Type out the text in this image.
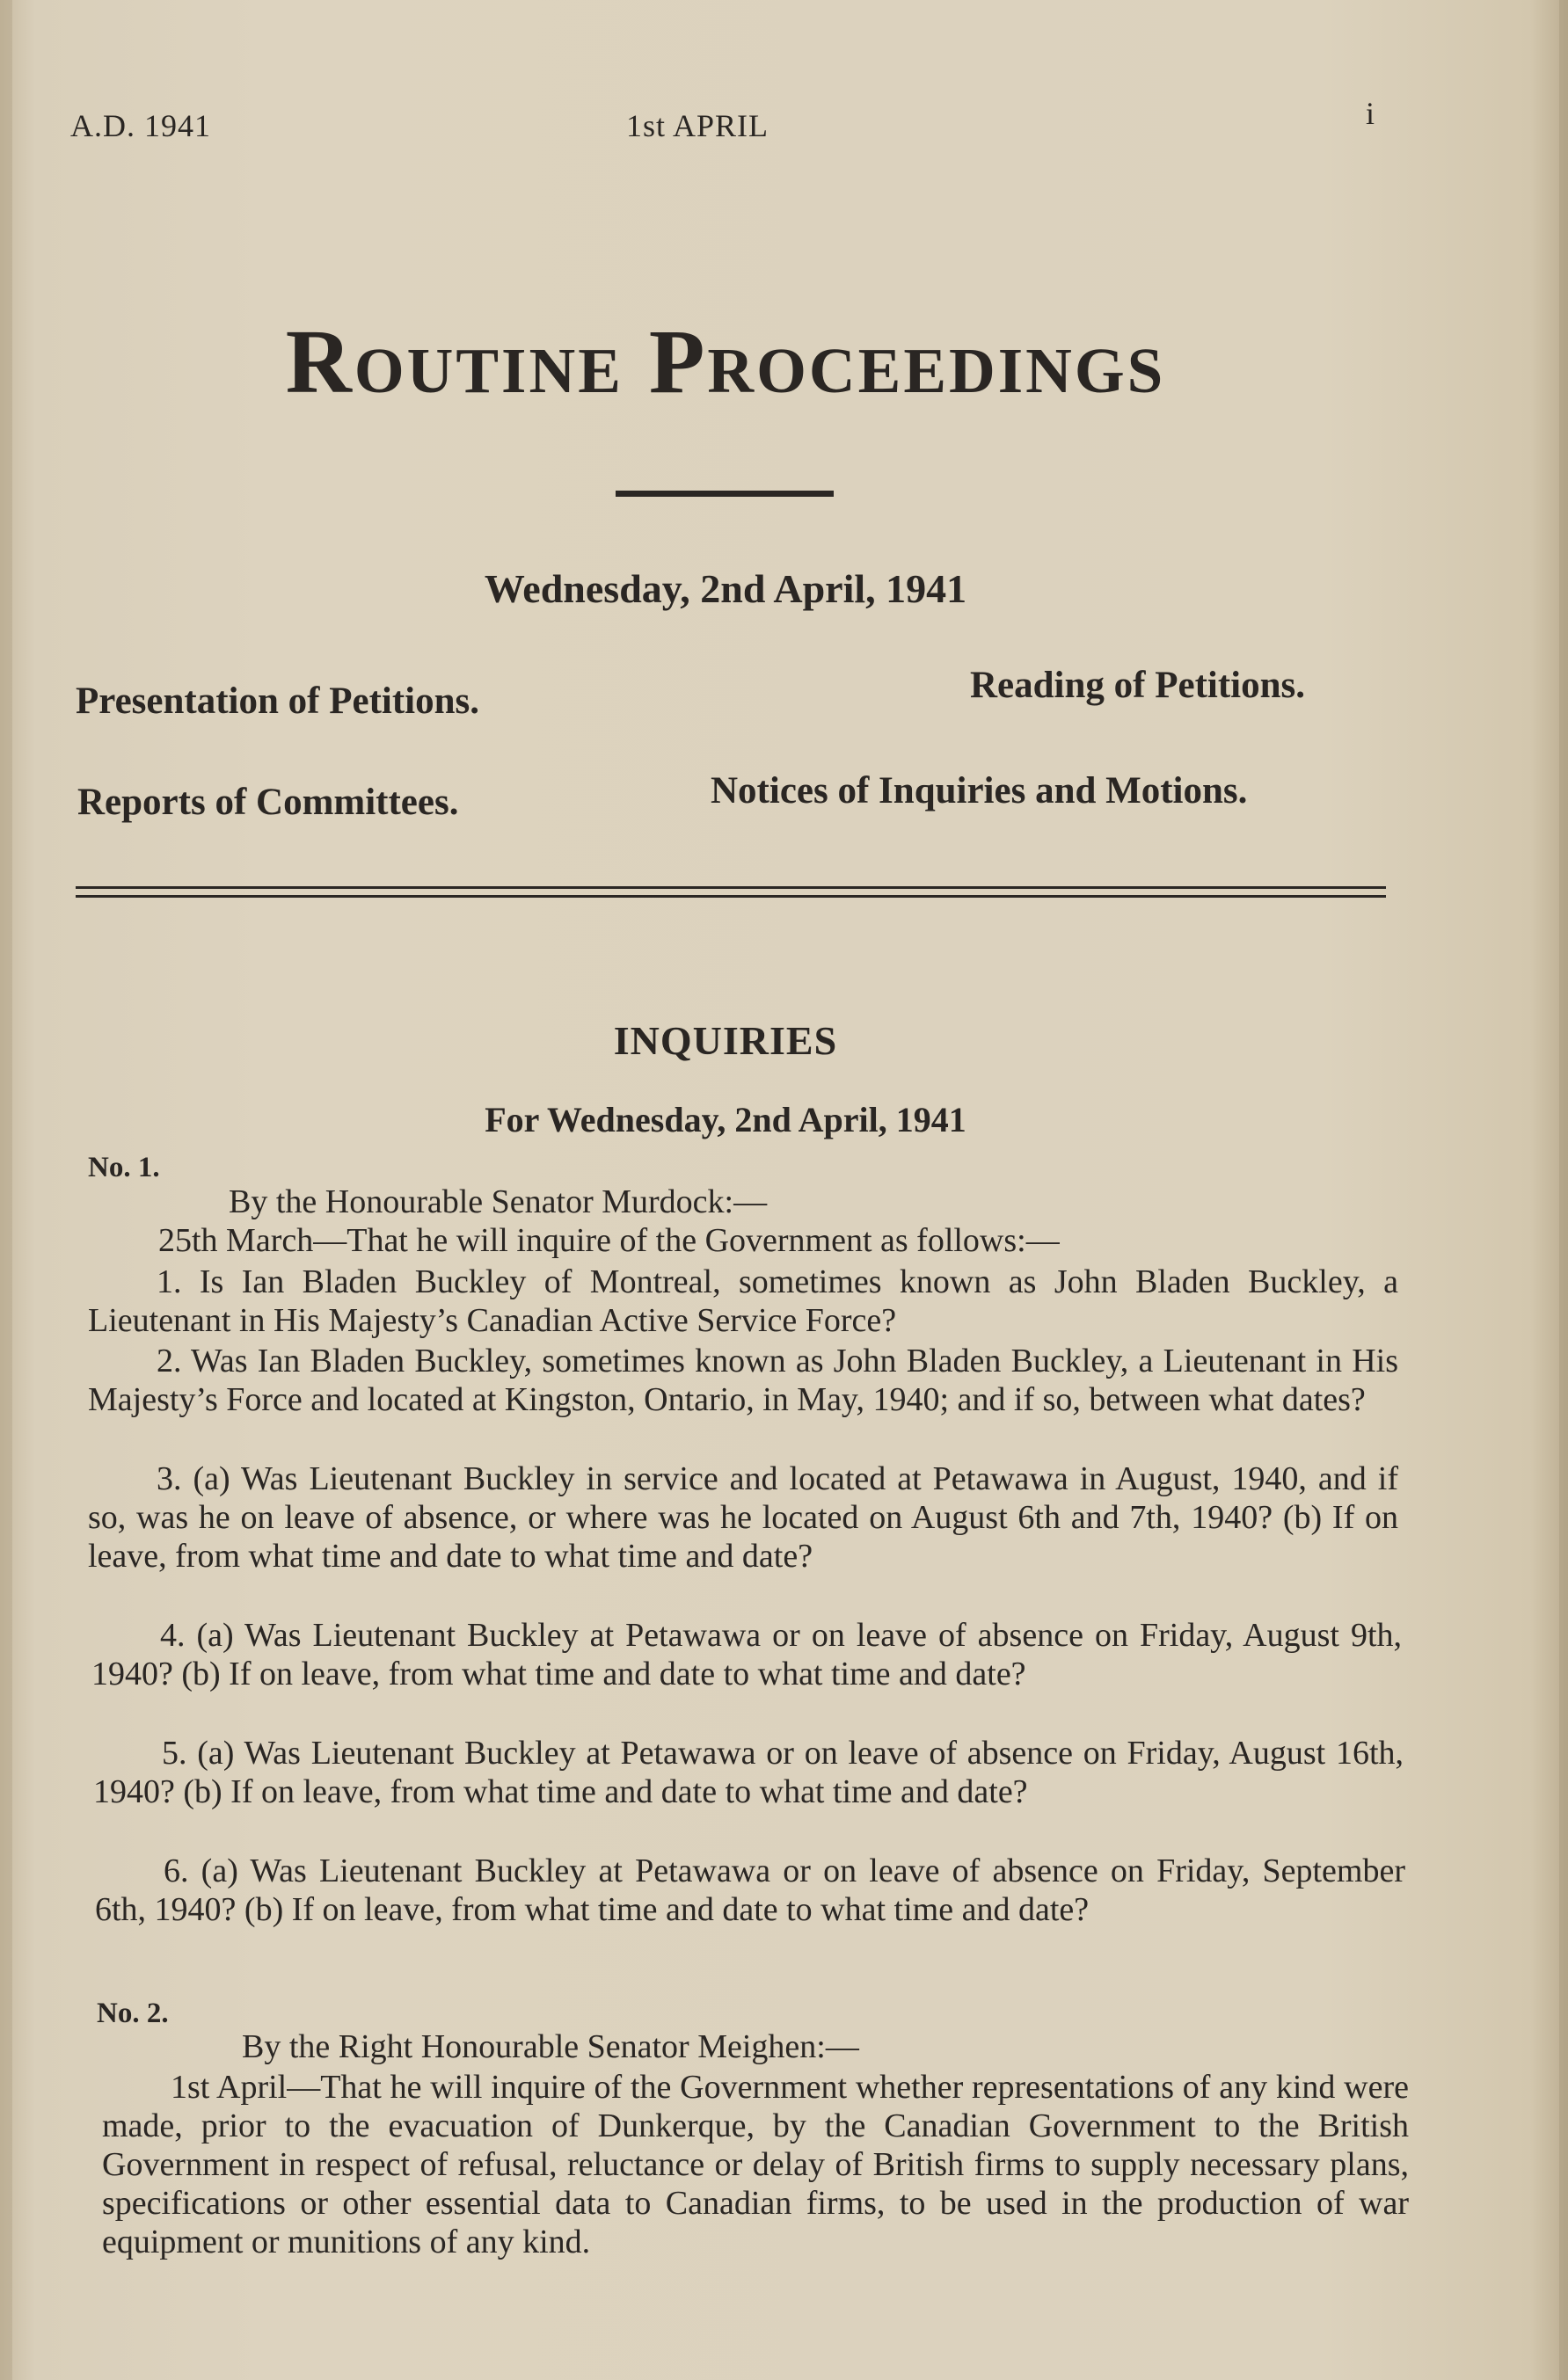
A.D. 1941	1st APRIL	i
Routine Proceedings
Wednesday, 2nd April, 1941
Presentation of Petitions.	Reading of Petitions.
Reports of Committees.	Notices of Inquiries and Motions.
INQUIRIES
For Wednesday, 2nd April, 1941
No. 1.
By the Honourable Senator Murdock:—
25th March—That he will inquire of the Government as follows:—
1. Is Ian Bladen Buckley of Montreal, sometimes known as John Bladen Buckley, a Lieutenant in His Majesty’s Canadian Active Service Force?
2. Was Ian Bladen Buckley, sometimes known as John Bladen Buckley, a Lieutenant in His Majesty’s Force and located at Kingston, Ontario, in May, 1940; and if so, between what dates?
3. (a) Was Lieutenant Buckley in service and located at Petawawa in August, 1940, and if so, was he on leave of absence, or where was he located on August 6th and 7th, 1940? (b) If on leave, from what time and date to what time and date?
4. (a) Was Lieutenant Buckley at Petawawa or on leave of absence on Friday, August 9th, 1940? (b) If on leave, from what time and date to what time and date?
5. (a) Was Lieutenant Buckley at Petawawa or on leave of absence on Friday, August 16th, 1940? (b) If on leave, from what time and date to what time and date?
6. (a) Was Lieutenant Buckley at Petawawa or on leave of absence on Friday, September 6th, 1940? (b) If on leave, from what time and date to what time and date?
No. 2.
By the Right Honourable Senator Meighen:—
1st April—That he will inquire of the Government whether representations of any kind were made, prior to the evacuation of Dunkerque, by the Canadian Government to the British Government in respect of refusal, reluctance or delay of British firms to supply necessary plans, specifications or other essential data to Canadian firms, to be used in the production of war equipment or munitions of any kind.
